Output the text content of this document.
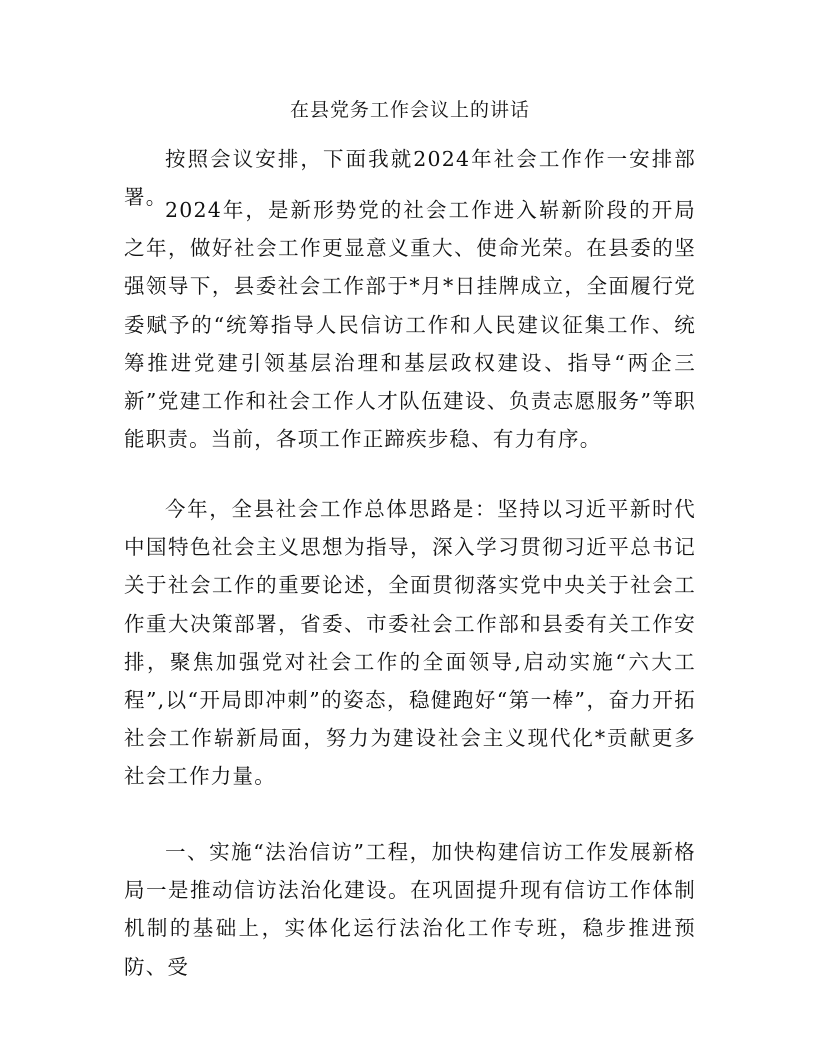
在县党务工作会议上的讲话

按照会议安排，下面我就2024年社会工作作一安排部署。

2024年，是新形势党的社会工作进入崭新阶段的开局之年，做好社会工作更显意义重大、使命光荣。在县委的坚强领导下，县委社会工作部于*月*日挂牌成立，全面履行党委赋予的“统筹指导人民信访工作和人民建议征集工作、统筹推进党建引领基层治理和基层政权建设、指导“两企三新”党建工作和社会工作人才队伍建设、负责志愿服务”等职能职责。当前，各项工作正蹄疾步稳、有力有序。

今年，全县社会工作总体思路是：坚持以习近平新时代中国特色社会主义思想为指导，深入学习贯彻习近平总书记关于社会工作的重要论述，全面贯彻落实党中央关于社会工作重大决策部署，省委、市委社会工作部和县委有关工作安排，聚焦加强党对社会工作的全面领导,启动实施“六大工程”,以“开局即冲刺”的姿态，稳健跑好“第一棒”，奋力开拓社会工作崭新局面，努力为建设社会主义现代化*贡献更多社会工作力量。

一、实施“法治信访”工程，加快构建信访工作发展新格局一是推动信访法治化建设。在巩固提升现有信访工作体制机制的基础上，实体化运行法治化工作专班，稳步推进预防、受
